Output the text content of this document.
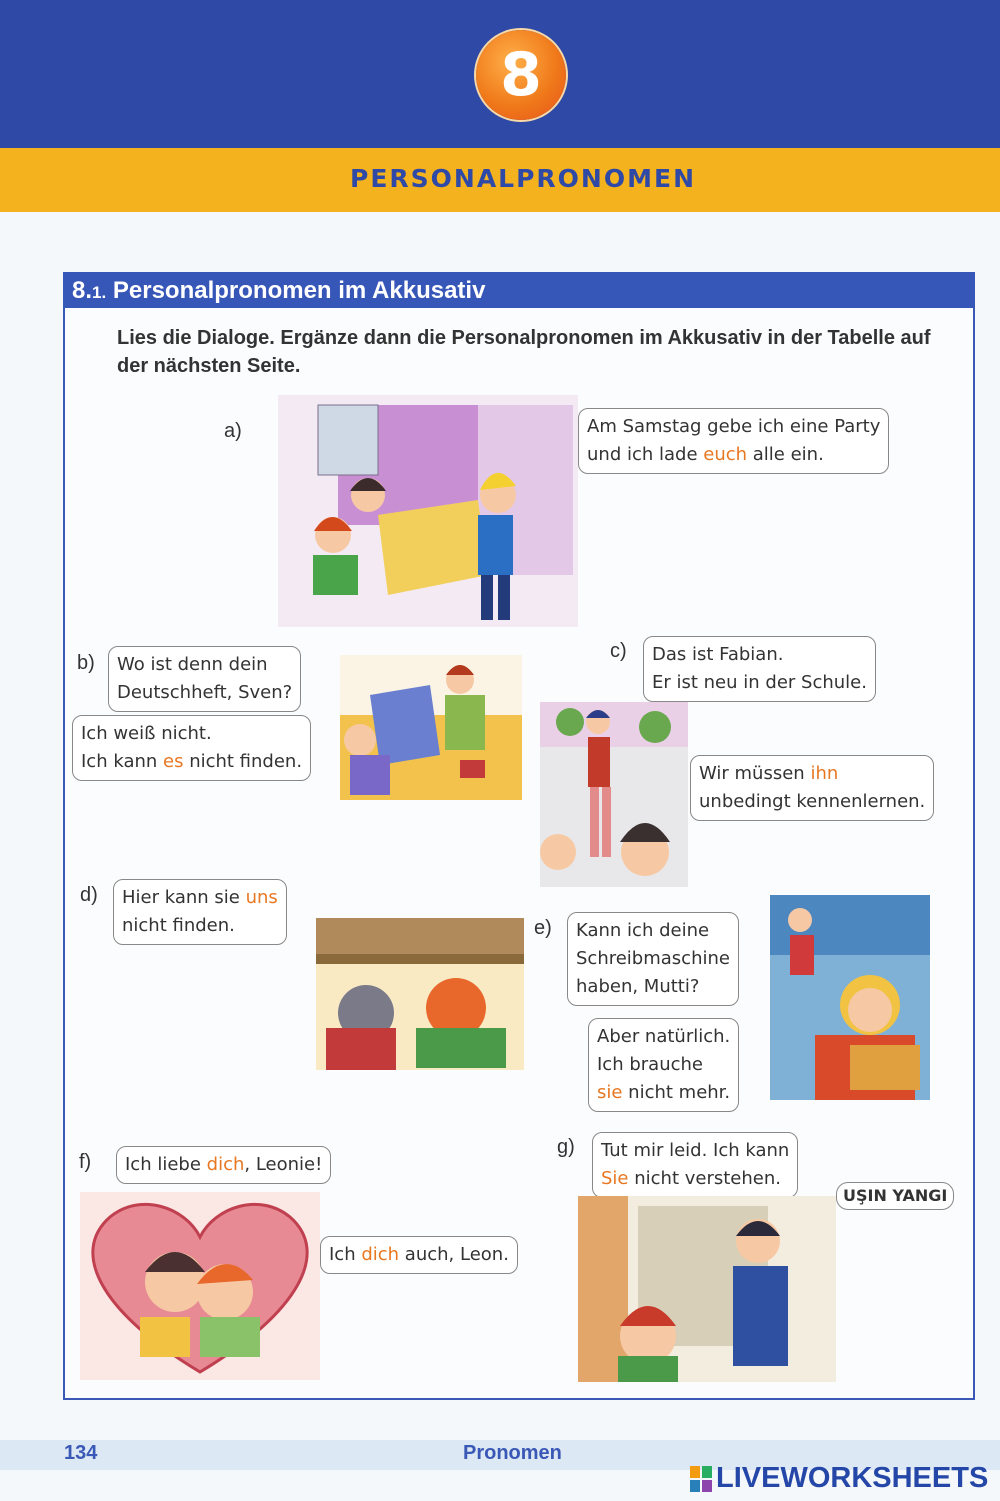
8
PERSONALPRONOMEN
8.1. Personalpronomen im Akkusativ
Lies die Dialoge. Ergänze dann die Personalpronomen im Akkusativ in der Tabelle auf der nächsten Seite.
a)	Am Samstag gebe ich eine Party
und ich lade euch alle ein.
b)	Wo ist denn dein
Deutschheft, Sven?
Ich weiß nicht.
Ich kann es nicht finden.
c)	Das ist Fabian.
Er ist neu in der Schule.
Wir müssen ihn
unbedingt kennenlernen.
d)	Hier kann sie uns
nicht finden.	e)	Kann ich deine
Schreibmaschine
haben, Mutti?
Aber natürlich.
Ich brauche
sie nicht mehr.
f)	Ich liebe dich, Leonie!
Ich dich auch, Leon.
g)	Tut mir leid. Ich kann
Sie nicht verstehen.
UŞIN YANGI
134	Pronomen
LIVEWORKSHEETS
